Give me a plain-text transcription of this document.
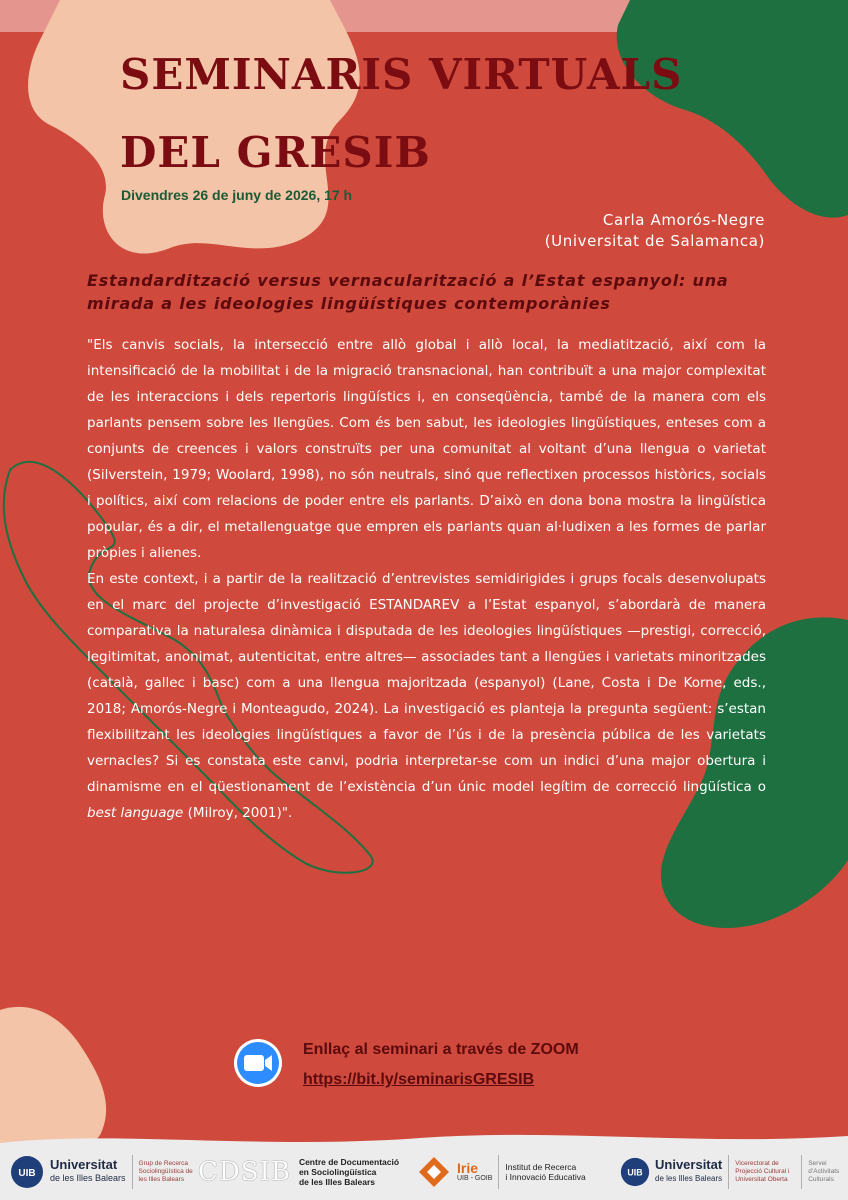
SEMINARIS VIRTUALS
DEL GRESIB
Divendres 26 de juny de 2026, 17 h
Carla Amorós-Negre
(Universitat de Salamanca)
Estandardització versus vernacularització a l’Estat espanyol: una mirada a les ideologies lingüístiques contemporànies

"Els canvis socials, la intersecció entre allò global i allò local, la mediatització, així com la intensificació de la mobilitat i de la migració transnacional, han contribuït a una major complexitat de les interaccions i dels repertoris lingüístics i, en conseqüència, també de la manera com els parlants pensem sobre les llengües. Com és ben sabut, les ideologies lingüístiques, enteses com a conjunts de creences i valors construïts per una comunitat al voltant d’una llengua o varietat (Silverstein, 1979; Woolard, 1998), no són neutrals, sinó que reflectixen processos històrics, socials i polítics, així com relacions de poder entre els parlants. D’això en dona bona mostra la lingüística popular, és a dir, el metallenguatge que empren els parlants quan al·ludixen a les formes de parlar pròpies i alienes.

En este context, i a partir de la realització d’entrevistes semidirigides i grups focals desenvolupats en el marc del projecte d’investigació ESTANDAREV a l’Estat espanyol, s’abordarà de manera comparativa la naturalesa dinàmica i disputada de les ideologies lingüístiques —prestigi, correcció, legitimitat, anonimat, autenticitat, entre altres— associades tant a llengües i varietats minoritzades (català, gallec i basc) com a una llengua majoritzada (espanyol) (Lane, Costa i De Korne, eds., 2018; Amorós-Negre i Monteagudo, 2024). La investigació es planteja la pregunta següent: s’estan flexibilitzant les ideologies lingüístiques a favor de l’ús i de la presència pública de les varietats vernacles? Si es constata este canvi, podria interpretar-se com un indici d’una major obertura i dinamisme en el qüestionament de l’existència d’un únic model legítim de correcció lingüística o best language (Milroy, 2001)".

Enllaç al seminari a través de ZOOM
https://bit.ly/seminarisGRESIB
UIB
Universitat
de les Illes Balears
Grup de Recerca Sociolingüística de les Illes Balears CDSIB Centre de Documentació
en Sociolingüística
de les Illes Balears
Irie
UIB - GOIB
Institut de Recerca
i Innovació Educativa	UIB
Universitat
de les Illes Balears
Vicerectorat de Projecció Cultural i Universitat Oberta
Servei d’Activitats Culturals
